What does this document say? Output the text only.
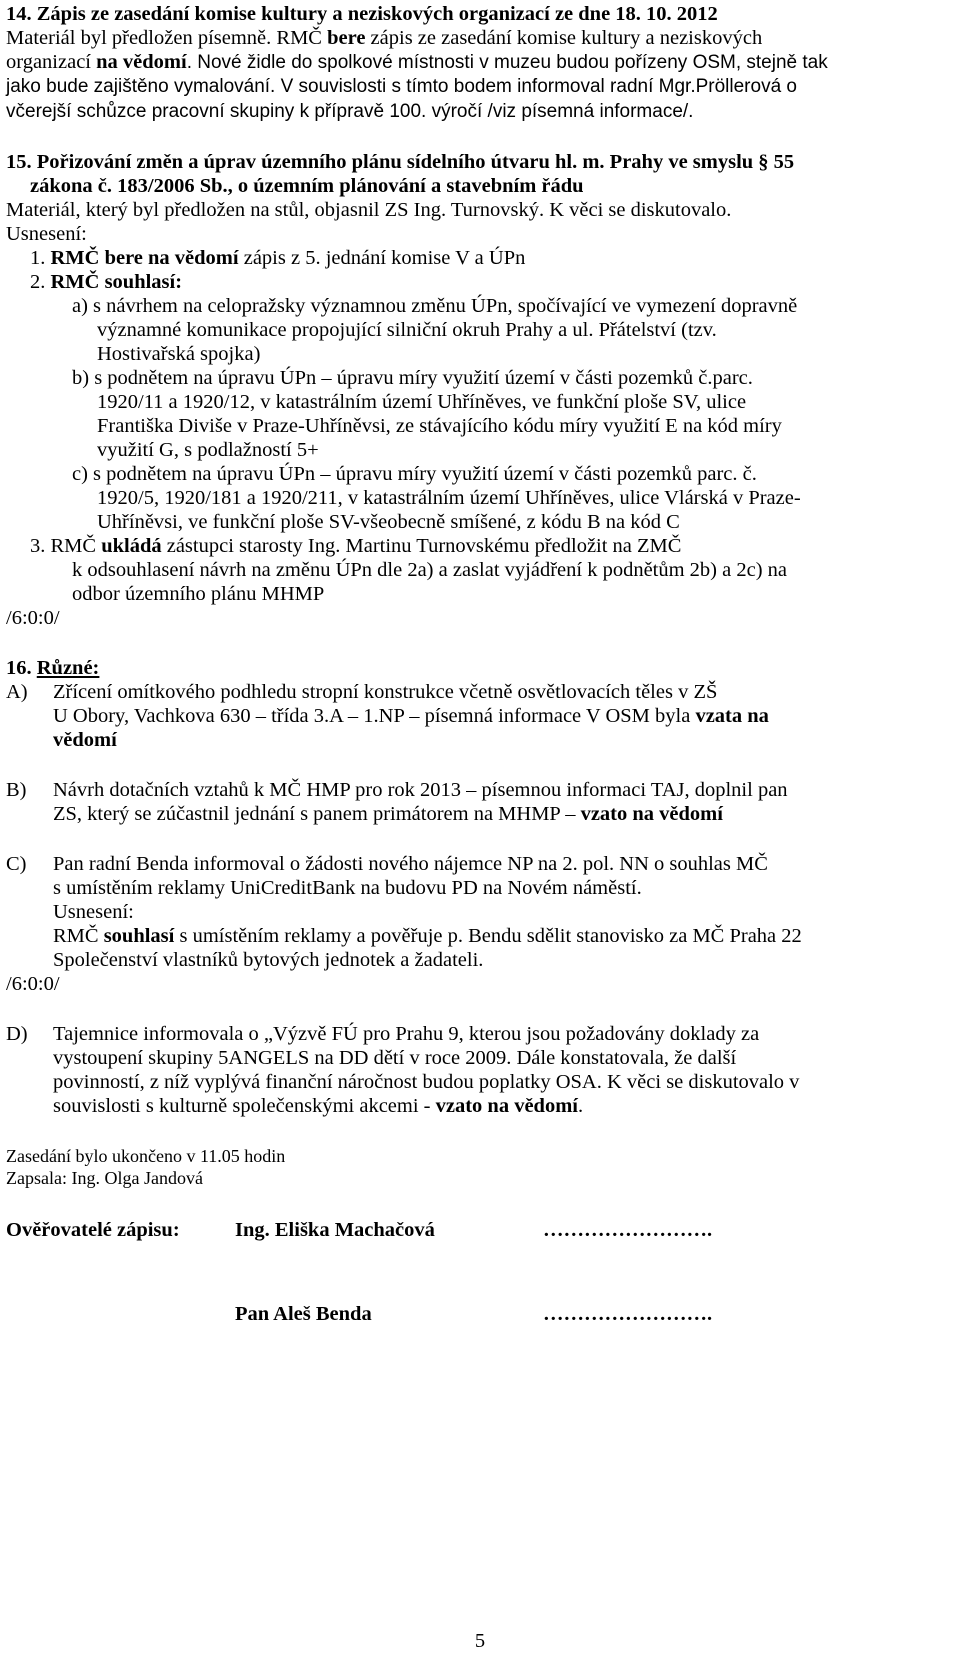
14. Zápis ze zasedání komise kultury a neziskových organizací ze dne 18. 10. 2012
Materiál byl předložen písemně. RMČ bere zápis ze zasedání komise kultury a neziskových
organizací na vědomí. Nové židle do spolkové místnosti v muzeu budou pořízeny OSM, stejně tak
jako bude zajištěno vymalování. V souvislosti s tímto bodem informoval radní Mgr.Pröllerová o
včerejší schůzce pracovní skupiny k přípravě 100. výročí /viz písemná informace/.
15. Pořizování změn a úprav územního plánu sídelního útvaru hl. m. Prahy ve smyslu § 55
zákona č. 183/2006 Sb., o územním plánování a stavebním řádu
Materiál, který byl předložen na stůl, objasnil ZS Ing. Turnovský. K věci se diskutovalo.
Usnesení:
1. RMČ bere na vědomí zápis z 5. jednání komise V a ÚPn
2. RMČ souhlasí:
a) s návrhem na celopražsky významnou změnu ÚPn, spočívající ve vymezení dopravně
významné komunikace propojující silniční okruh Prahy a ul. Přátelství (tzv.
Hostivařská spojka)
b) s podnětem na úpravu ÚPn – úpravu míry využití území v části pozemků č.parc.
1920/11 a 1920/12, v katastrálním území Uhříněves, ve funkční ploše SV, ulice
Františka Diviše v Praze-Uhříněvsi, ze stávajícího kódu míry využití E na kód míry
využití G, s podlažností 5+
c) s podnětem na úpravu ÚPn – úpravu míry využití území v části pozemků parc. č.
1920/5, 1920/181 a 1920/211, v katastrálním území Uhříněves, ulice Vlárská v Praze-
Uhříněvsi, ve funkční ploše SV-všeobecně smíšené, z kódu B na kód C
3. RMČ ukládá zástupci starosty Ing. Martinu Turnovskému předložit na ZMČ
k odsouhlasení návrh na změnu ÚPn dle 2a) a zaslat vyjádření k podnětům 2b) a 2c) na
odbor územního plánu MHMP
/6:0:0/
16. Různé:
A) Zřícení omítkového podhledu stropní konstrukce včetně osvětlovacích těles v ZŠ
U Obory, Vachkova 630 – třída 3.A – 1.NP – písemná informace V OSM byla vzata na
vědomí
B) Návrh dotačních vztahů k MČ HMP pro rok 2013 – písemnou informaci TAJ, doplnil pan
ZS, který se zúčastnil jednání s panem primátorem na MHMP – vzato na vědomí
C) Pan radní Benda informoval o žádosti nového nájemce NP na 2. pol. NN o souhlas MČ
s umístěním reklamy UniCreditBank na budovu PD na Novém náměstí.
Usnesení:
RMČ souhlasí s umístěním reklamy a pověřuje p. Bendu sdělit stanovisko za MČ Praha 22
Společenství vlastníků bytových jednotek a žadateli.
/6:0:0/
D) Tajemnice informovala o „Výzvě FÚ pro Prahu 9, kterou jsou požadovány doklady za
vystoupení skupiny 5ANGELS na DD dětí v roce 2009. Dále konstatovala, že další
povinností, z níž vyplývá finanční náročnost budou poplatky OSA. K věci se diskutovalo v
souvislosti s kulturně společenskými akcemi - vzato na vědomí.
Zasedání bylo ukončeno v 11.05 hodin
Zapsala: Ing. Olga Jandová
Ověřovatelé zápisu:	Ing. Eliška Machačová	…………………….
Pan Aleš Benda	…………………….
5
